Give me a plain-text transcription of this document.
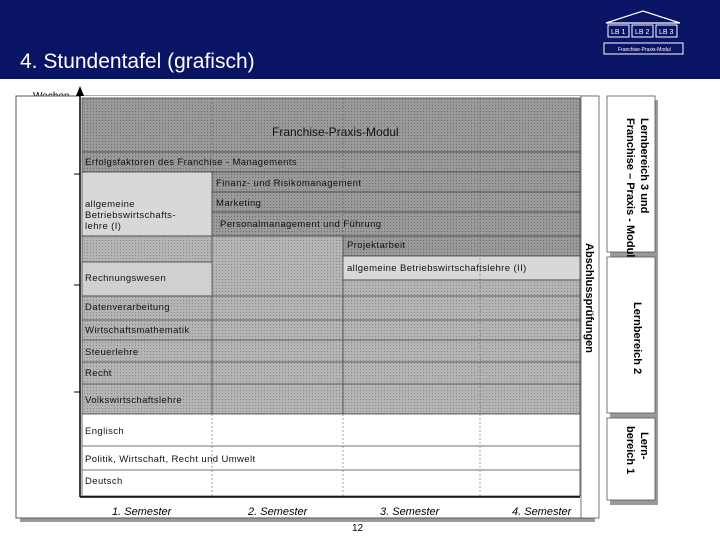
4. Stundentafel (grafisch)
LB 1 LB 2 LB 3
Franchise-Praxis-Modul
Franchise-Praxis-Modul
Erfolgsfaktoren des Franchise - Managements
Finanz- und Risikomanagement
allgemeine
Betriebswirtschafts-
lehre (I)
Marketing
Personalmanagement und Führung
Projektarbeit
allgemeine Betriebswirtschaftslehre (II)
Rechnungswesen
Datenverarbeitung
Wirtschaftsmathematik
Steuerlehre
Recht
Volkswirtschaftslehre
Englisch
Politik, Wirtschaft, Recht und Umwelt
Deutsch
1. Semester	2. Semester	3. Semester	4. Semester
Abschlussprüfungen
Lernbereich 3 und
Franchise – Praxis - Modul
Lernbereich 2
Lern-
bereich 1
12
